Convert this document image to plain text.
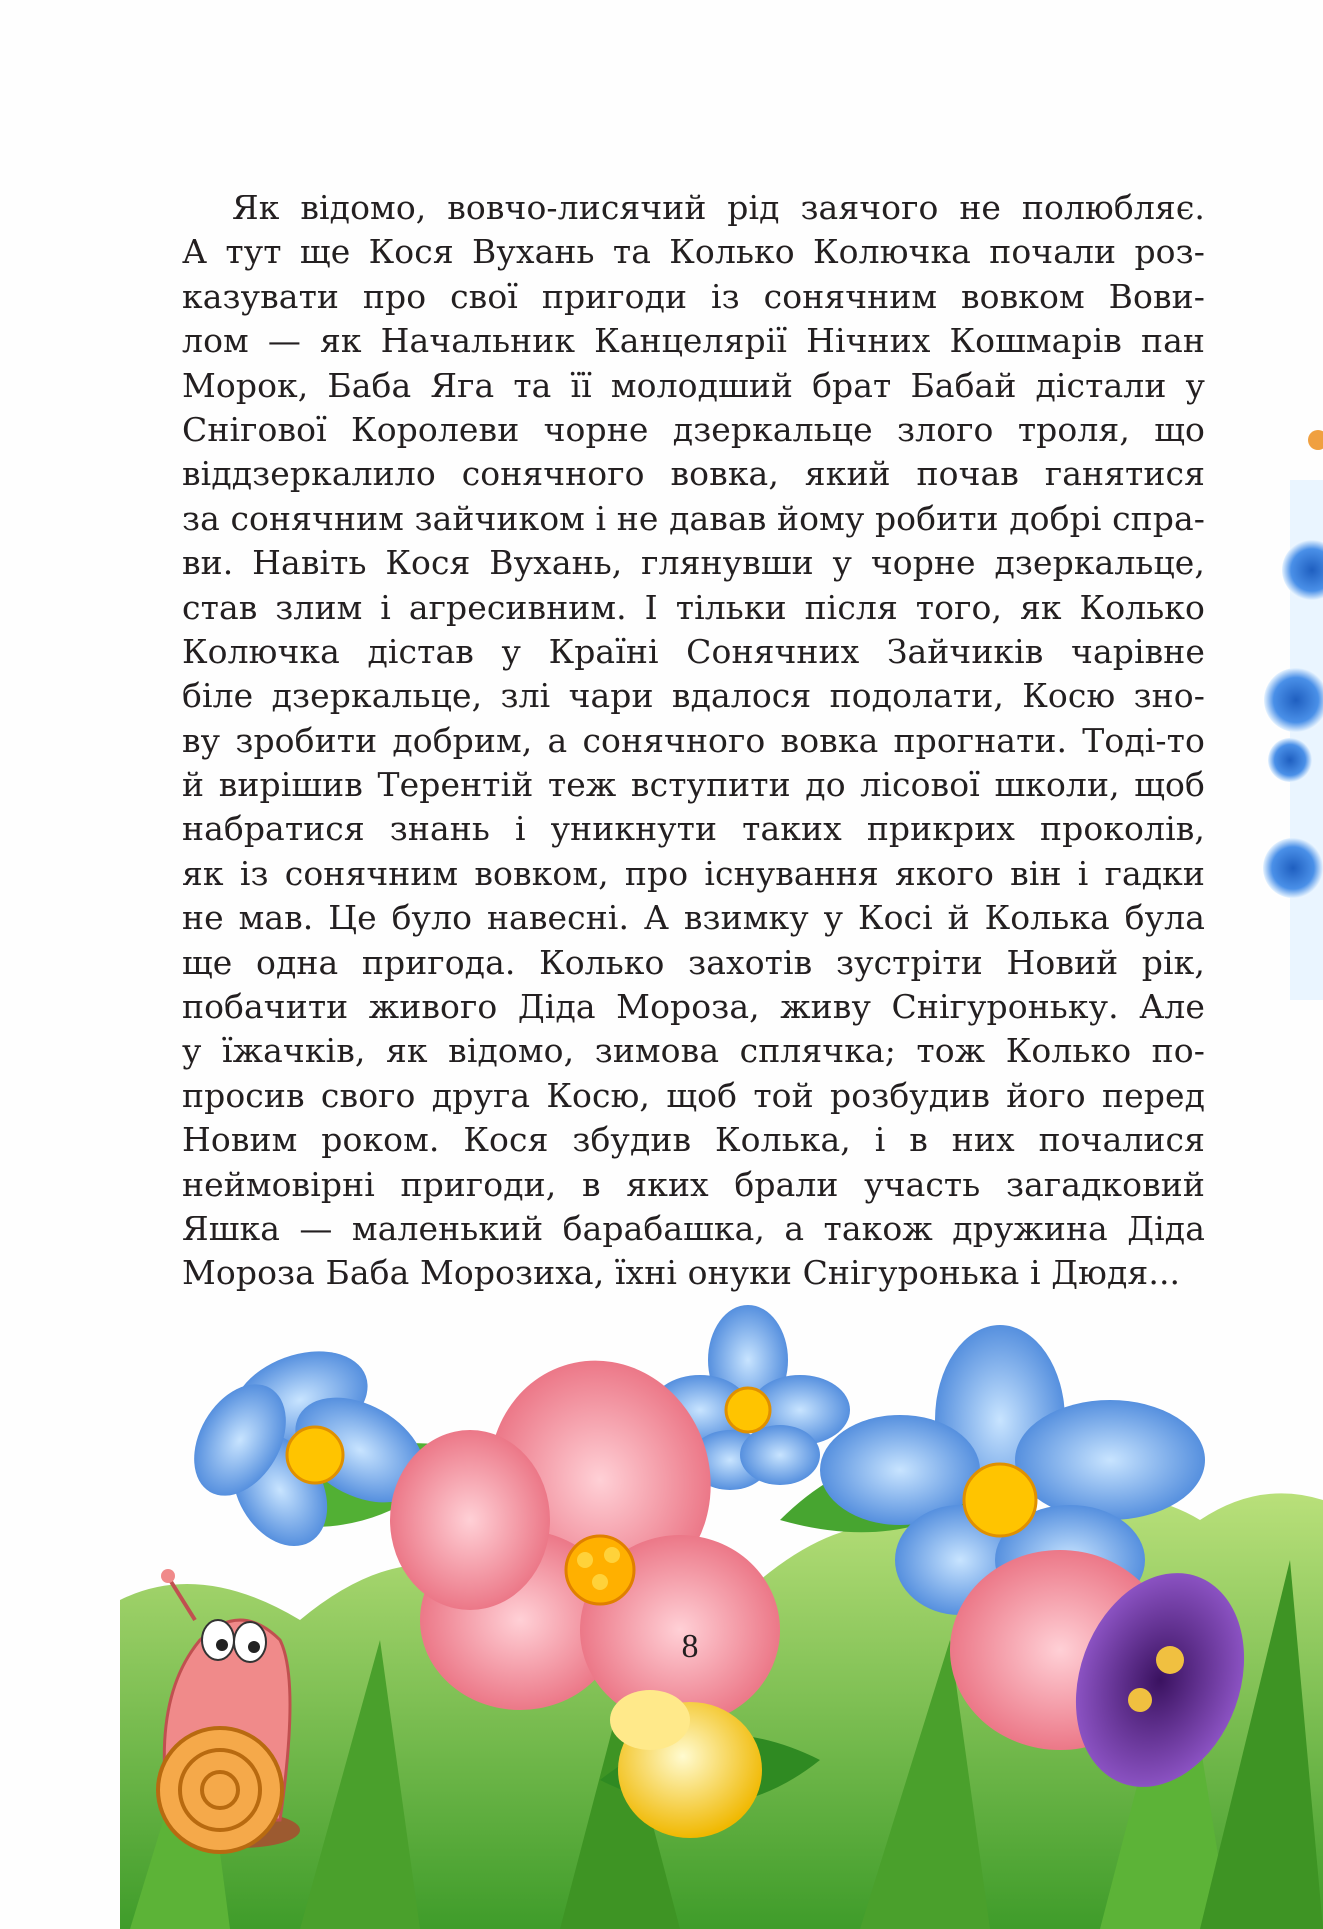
Як відомо, вовчо-лисячий рід заячого не полюбляє.
А тут ще Кося Вухань та Колько Колючка почали роз-
казувати про свої пригоди із сонячним вовком Вови-
лом — як Начальник Канцелярії Нічних Кошмарів пан
Морок, Баба Яга та її молодший брат Бабай дістали у
Снігової Королеви чорне дзеркальце злого троля, що
віддзеркалило сонячного вовка, який почав ганятися
за сонячним зайчиком і не давав йому робити добрі спра-
ви. Навіть Кося Вухань, глянувши у чорне дзеркальце,
став злим і агресивним. І тільки після того, як Колько
Колючка дістав у Країні Сонячних Зайчиків чарівне
біле дзеркальце, злі чари вдалося подолати, Косю зно-
ву зробити добрим, а сонячного вовка прогнати. Тоді-то
й вирішив Терентій теж вступити до лісової школи, щоб
набратися знань і уникнути таких прикрих проколів,
як із сонячним вовком, про існування якого він і гадки
не мав. Це було навесні. А взимку у Косі й Колька була
ще одна пригода. Колько захотів зустріти Новий рік,
побачити живого Діда Мороза, живу Снігуроньку. Але
у їжачків, як відомо, зимова сплячка; тож Колько по-
просив свого друга Косю, щоб той розбудив його перед
Новим роком. Кося збудив Колька, і в них почалися
неймовірні пригоди, в яких брали участь загадковий
Яшка — маленький барабашка, а також дружина Діда
Мороза Баба Морозиха, їхні онуки Снігуронька і Дюдя...
8
